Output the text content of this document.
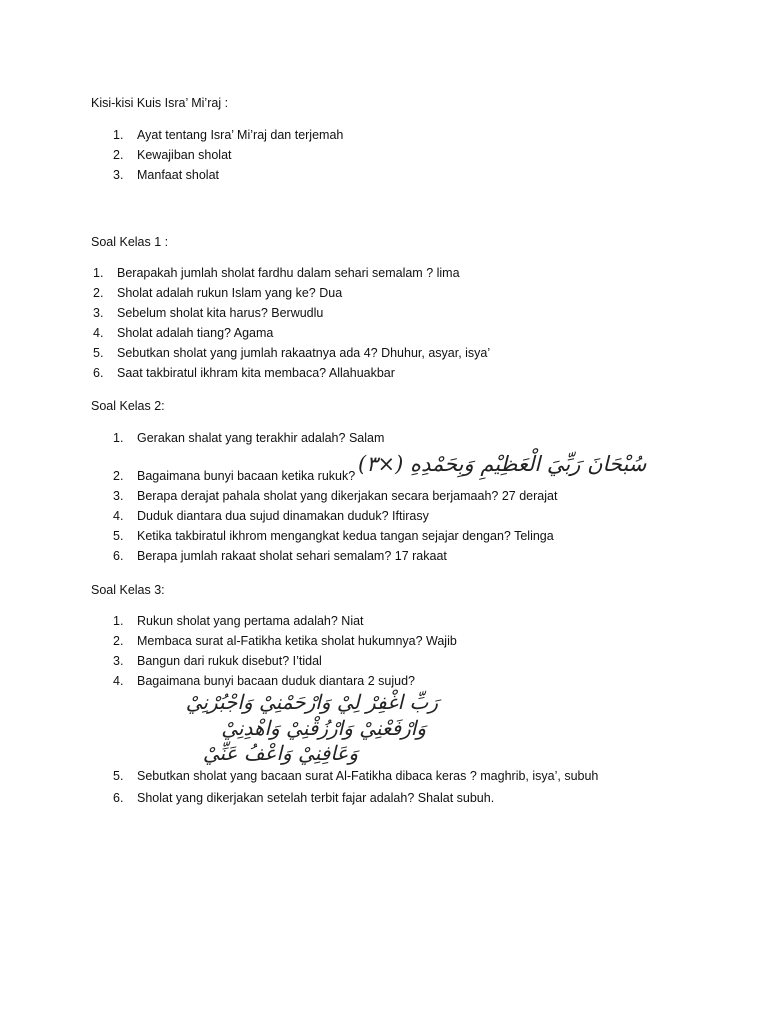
Kisi-kisi Kuis Isra’ Mi’raj :
1. Ayat tentang Isra’ Mi’raj dan terjemah
2. Kewajiban sholat
3. Manfaat sholat
Soal Kelas 1 :
1. Berapakah jumlah sholat fardhu dalam sehari semalam ? lima
2. Sholat adalah rukun Islam yang ke? Dua
3. Sebelum sholat kita harus? Berwudlu
4. Sholat adalah tiang? Agama
5. Sebutkan sholat yang jumlah rakaatnya ada 4? Dhuhur, asyar, isya’
6. Saat takbiratul ikhram kita membaca? Allahuakbar
Soal Kelas 2:
1. Gerakan shalat yang terakhir adalah? Salam
2. Bagaimana bunyi bacaan ketika rukuk? سُبْحَانَ رَبِّيَ الْعَظِيْمِ وَبِحَمْدِهِ (×٣)
3. Berapa derajat pahala sholat yang dikerjakan secara berjamaah? 27 derajat
4. Duduk diantara dua sujud dinamakan duduk? Iftirasy
5. Ketika takbiratul ikhrom mengangkat kedua tangan sejajar dengan? Telinga
6. Berapa jumlah rakaat sholat sehari semalam? 17 rakaat
Soal Kelas 3:
1. Rukun sholat yang pertama adalah? Niat
2. Membaca surat al-Fatikha ketika sholat hukumnya? Wajib
3. Bangun dari rukuk disebut? I’tidal
4. Bagaimana bunyi bacaan duduk diantara 2 sujud?
رَبِّ اغْفِرْ لِيْ وَارْحَمْنِيْ وَاجْبُرْنِيْ
وَارْفَعْنِيْ وَارْزُقْنِيْ وَاهْدِنِيْ
وَعَافِنِيْ وَاعْفُ عَنِّيْ
5. Sebutkan sholat yang bacaan surat Al-Fatikha dibaca keras ? maghrib, isya’, subuh
6. Sholat yang dikerjakan setelah terbit fajar adalah? Shalat subuh.
